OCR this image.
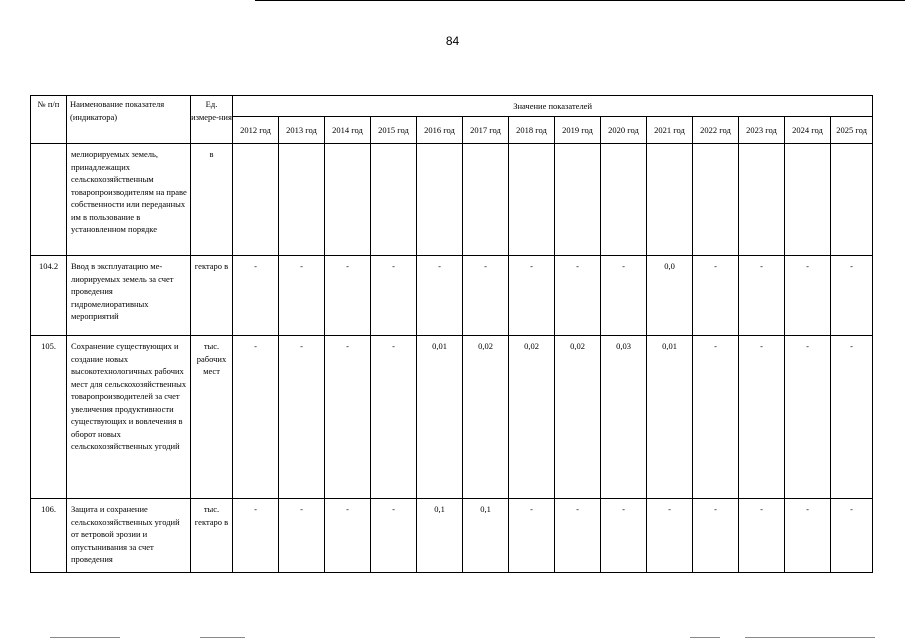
84
№ п/п	Наименование показателя (индикатора)	Ед. измере-ния	Значение показателей													
			2012 год	2013 год	2014 год	2015 год	2016 год	2017 год	2018 год	2019 год	2020 год	2021 год	2022 год	2023 год	2024 год	2025 год
	мелиорируемых земель, принадлежащих сельскохозяйственным товаропроизводителям на праве собственности или переданных им в пользование в установленном порядке	в														
104.2	Ввод в эксплуатацию ме-лиорируемых земель за счет проведения гидромелиоративных мероприятий	гектаро в	-	-	-	-	-	-	-	-	-	0,0	-	-	-	-
105.	Сохранение существующих и создание новых высокотехнологичных рабочих мест для сельскохозяйственных товаропроизводителей за счет увеличения продуктивности существующих и вовлечения в оборот новых сельскохозяйственных угодий	тыс. рабочих мест	-	-	-	-	0,01	0,02	0,02	0,02	0,03	0,01	-	-	-	-
106.	Защита и сохранение сельскохозяйственных угодий от ветровой эрозии и опустынивания за счет проведения	тыс. гектаро в	-	-	-	-	0,1	0,1	-	-	-	-	-	-	-	-
